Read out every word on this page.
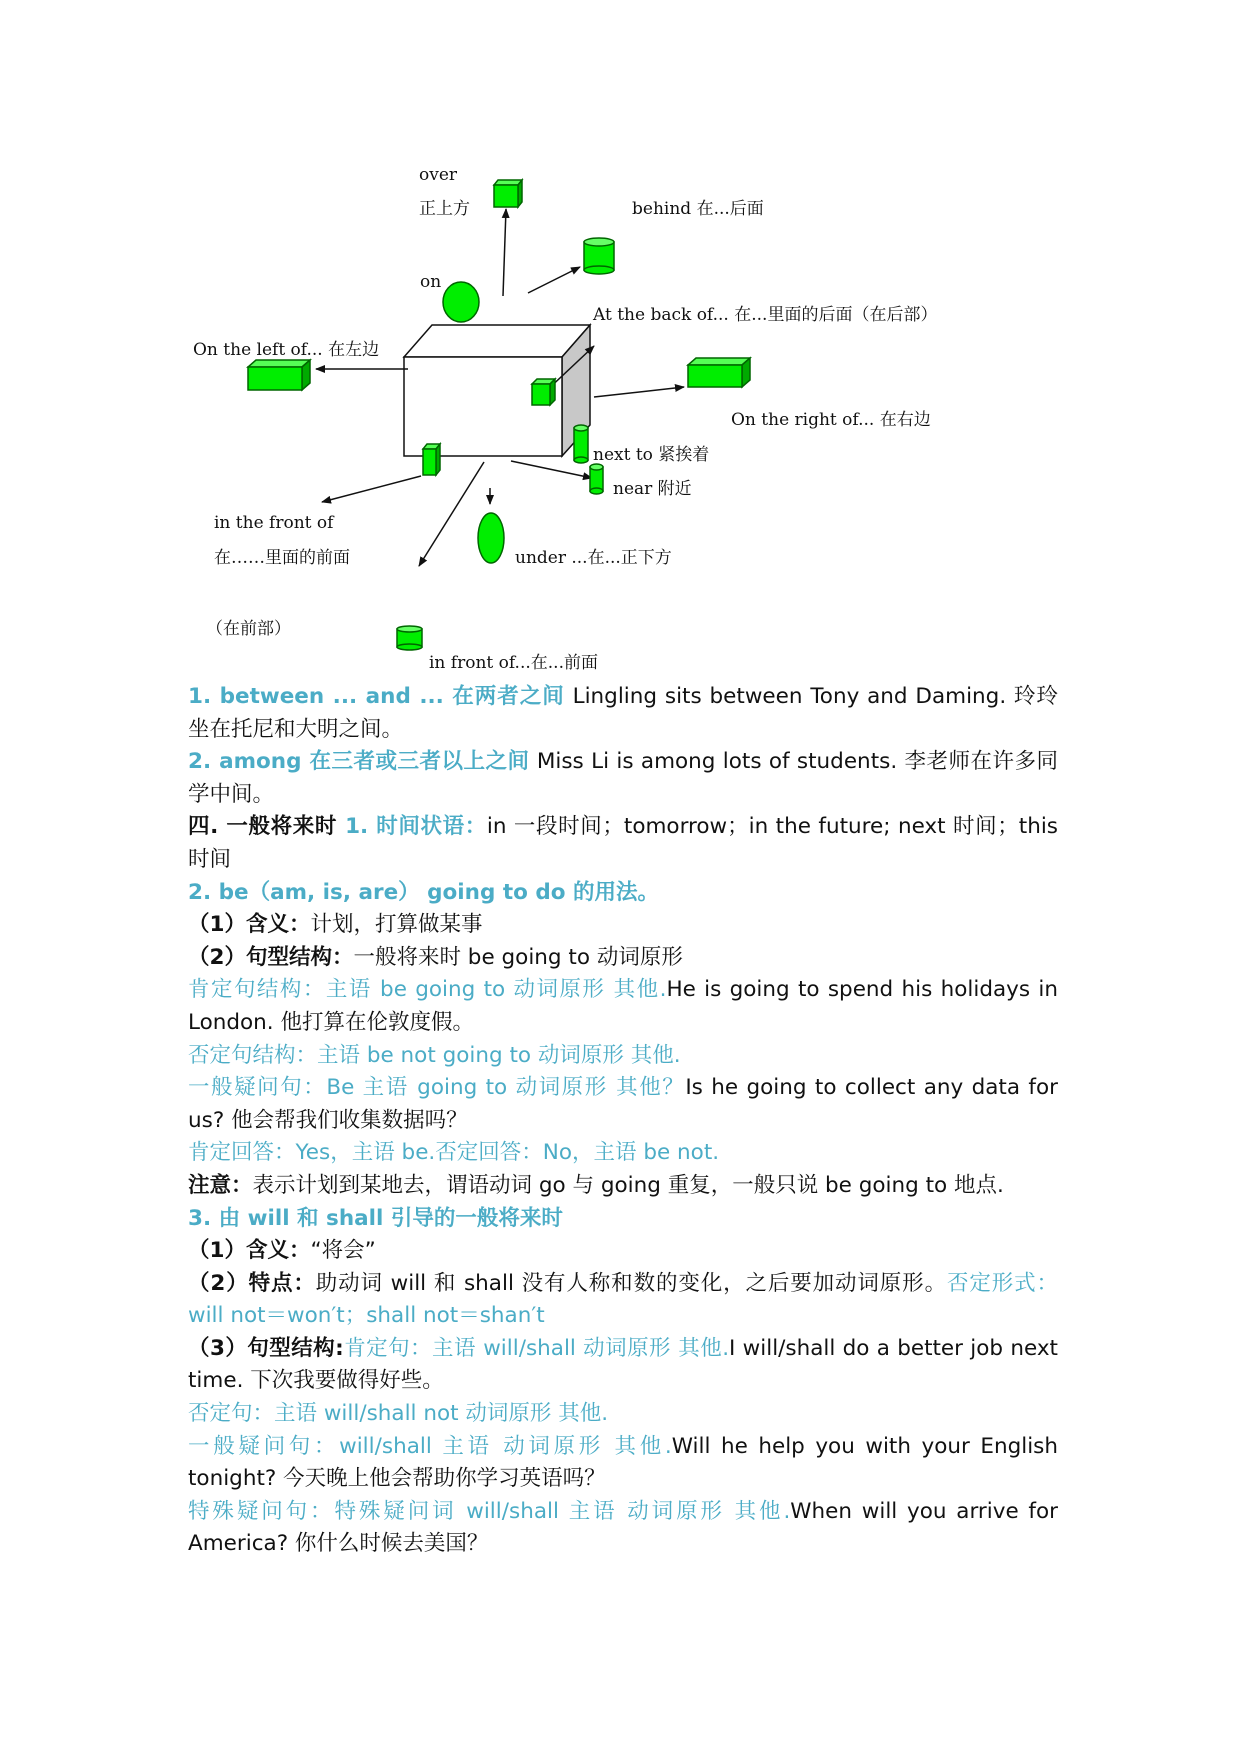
over
正上方	behind 在...后面
on
At the back of... 在...里面的后面（在后部）
On the left of... 在左边
On the right of... 在右边
next to 紧挨着
near 附近
in the front of
在……里面的前面	under ...在...正下方
（在前部）
in front of...在...前面

1. between ... and ... 在两者之间 Lingling sits between Tony and Daming. 玲玲坐在托尼和大明之间。

2. among 在三者或三者以上之间 Miss Li is among lots of students. 李老师在许多同学中间。

四. 一般将来时 1. 时间状语：in 一段时间；tomorrow；in the future; next 时间；this 时间

2. be（am, is, are） going to do 的用法。

（1）含义：计划，打算做某事

（2）句型结构：一般将来时 be going to 动词原形

肯定句结构：主语 be going to 动词原形 其他.He is going to spend his holidays in London. 他打算在伦敦度假。

否定句结构：主语 be not going to 动词原形 其他.

一般疑问句：Be 主语 going to 动词原形 其他？Is he going to collect any data for us? 他会帮我们收集数据吗？

肯定回答：Yes，主语 be.否定回答：No，主语 be not.

注意：表示计划到某地去，谓语动词 go 与 going 重复，一般只说 be going to 地点.

3. 由 will 和 shall 引导的一般将来时

（1）含义：“将会”

（2）特点：助动词 will 和 shall 没有人称和数的变化，之后要加动词原形。否定形式：will not＝won′t；shall not＝shan′t

（3）句型结构:肯定句：主语 will/shall 动词原形 其他.I will/shall do a better job next time. 下次我要做得好些。

否定句：主语 will/shall not 动词原形 其他.

一般疑问句：will/shall 主语 动词原形 其他.Will he help you with your English tonight? 今天晚上他会帮助你学习英语吗？

特殊疑问句：特殊疑问词 will/shall 主语 动词原形 其他.When will you arrive for America? 你什么时候去美国？
